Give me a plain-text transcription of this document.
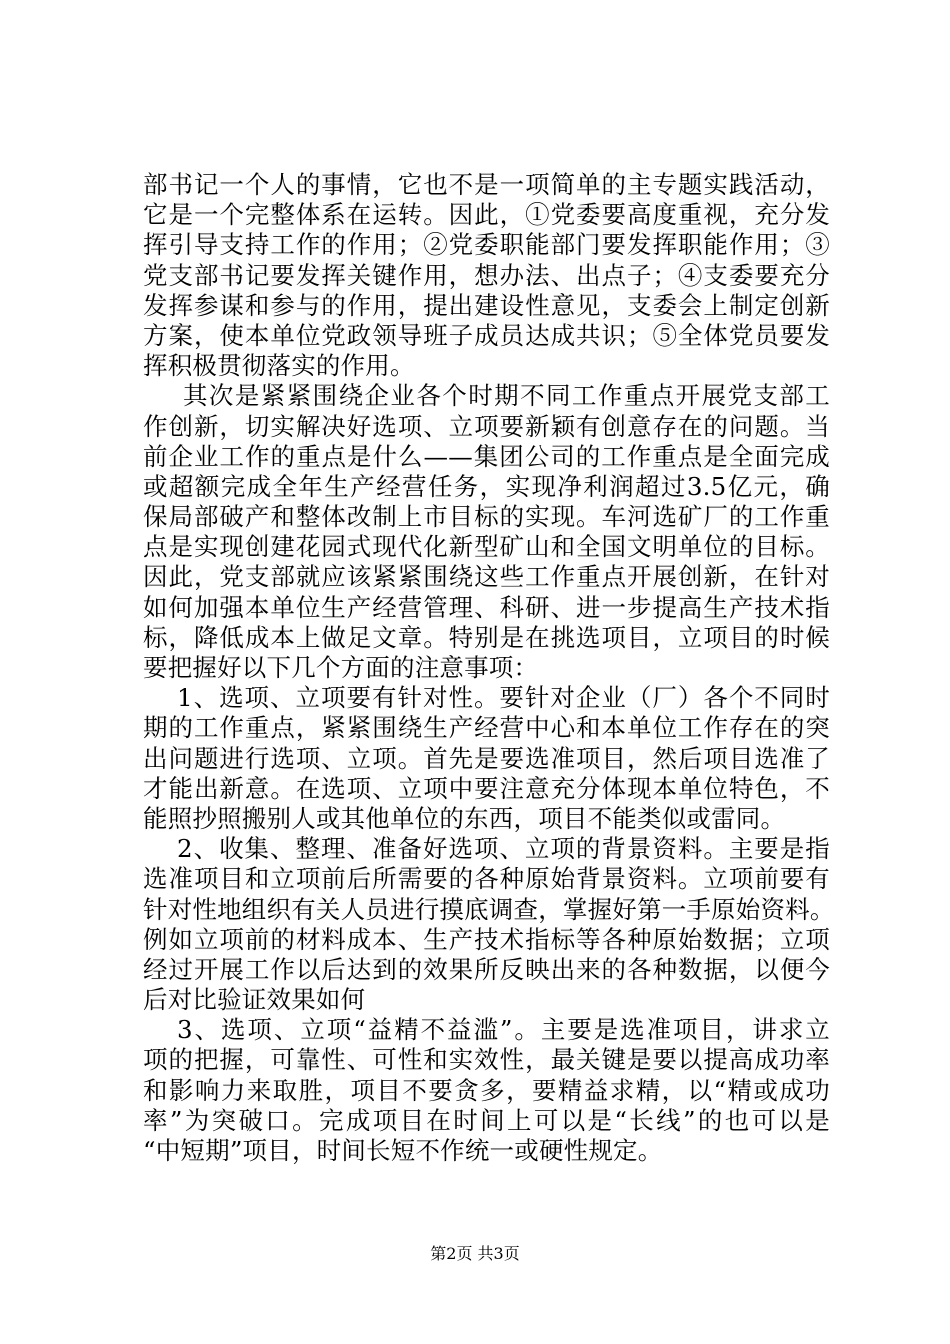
部书记一个人的事情，它也不是一项简单的主专题实践活动，
它是一个完整体系在运转。因此，①党委要高度重视，充分发
挥引导支持工作的作用；②党委职能部门要发挥职能作用；③
党支部书记要发挥关键作用，想办法、出点子；④支委要充分
发挥参谋和参与的作用，提出建设性意见，支委会上制定创新
方案，使本单位党政领导班子成员达成共识；⑤全体党员要发
挥积极贯彻落实的作用。
其次是紧紧围绕企业各个时期不同工作重点开展党支部工
作创新，切实解决好选项、立项要新颖有创意存在的问题。当
前企业工作的重点是什么——集团公司的工作重点是全面完成
或超额完成全年生产经营任务，实现净利润超过3.5亿元，确
保局部破产和整体改制上市目标的实现。车河选矿厂的工作重
点是实现创建花园式现代化新型矿山和全国文明单位的目标。
因此，党支部就应该紧紧围绕这些工作重点开展创新，在针对
如何加强本单位生产经营管理、科研、进一步提高生产技术指
标，降低成本上做足文章。特别是在挑选项目，立项目的时候
要把握好以下几个方面的注意事项：
1、选项、立项要有针对性。要针对企业（厂）各个不同时
期的工作重点，紧紧围绕生产经营中心和本单位工作存在的突
出问题进行选项、立项。首先是要选准项目，然后项目选准了
才能出新意。在选项、立项中要注意充分体现本单位特色，不
能照抄照搬别人或其他单位的东西，项目不能类似或雷同。
2、收集、整理、准备好选项、立项的背景资料。主要是指
选准项目和立项前后所需要的各种原始背景资料。立项前要有
针对性地组织有关人员进行摸底调查，掌握好第一手原始资料。
例如立项前的材料成本、生产技术指标等各种原始数据；立项
经过开展工作以后达到的效果所反映出来的各种数据，以便今
后对比验证效果如何
3、选项、立项“益精不益滥”。主要是选准项目，讲求立
项的把握，可靠性、可性和实效性，最关键是要以提高成功率
和影响力来取胜，项目不要贪多，要精益求精，以“精或成功
率”为突破口。完成项目在时间上可以是“长线”的也可以是
“中短期”项目，时间长短不作统一或硬性规定。
第2页 共3页
